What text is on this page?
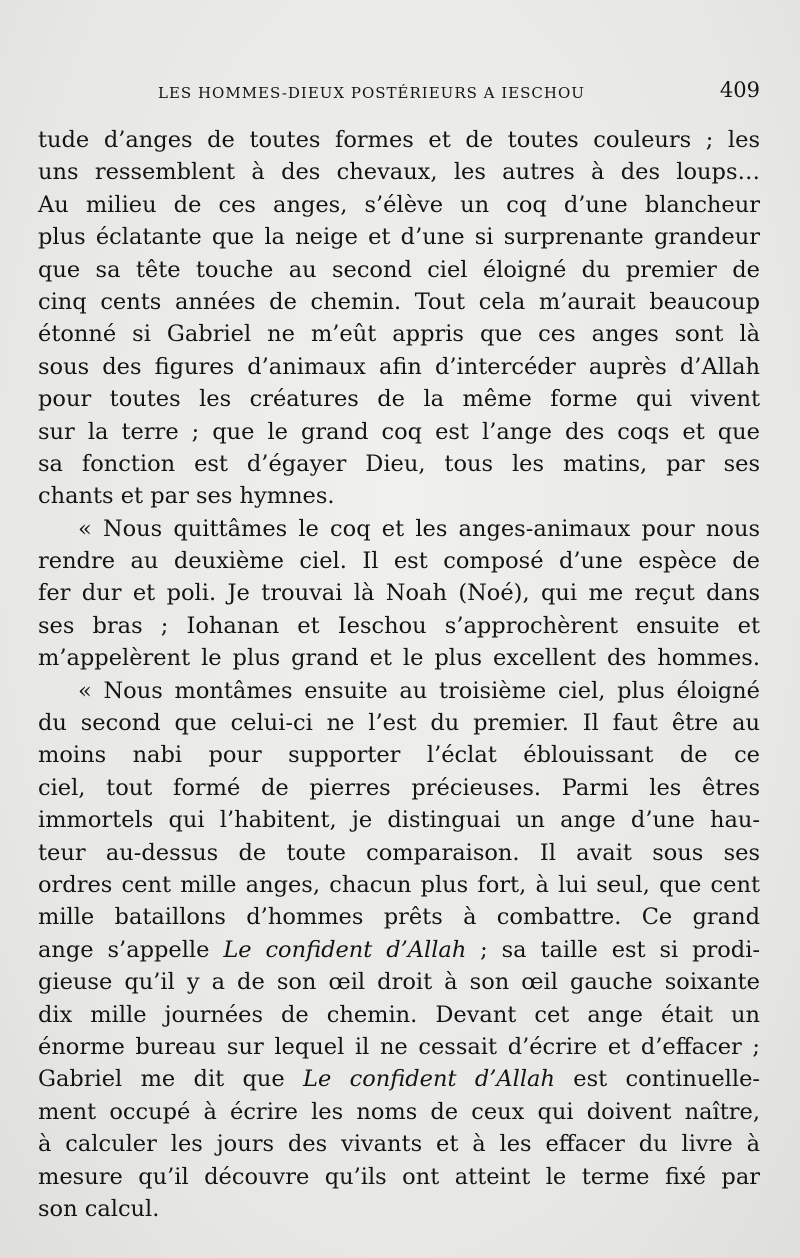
LES HOMMES-DIEUX POSTÉRIEURS A IESCHOU	409
tude d’anges de toutes formes et de toutes couleurs ; les
uns ressemblent à des chevaux, les autres à des loups…
Au milieu de ces anges, s’élève un coq d’une blancheur
plus éclatante que la neige et d’une si surprenante grandeur
que sa tête touche au second ciel éloigné du premier de
cinq cents années de chemin. Tout cela m’aurait beaucoup
étonné si Gabriel ne m’eût appris que ces anges sont là
sous des figures d’animaux afin d’intercéder auprès d’Allah
pour toutes les créatures de la même forme qui vivent
sur la terre ; que le grand coq est l’ange des coqs et que
sa fonction est d’égayer Dieu, tous les matins, par ses
chants et par ses hymnes.
« Nous quittâmes le coq et les anges-animaux pour nous
rendre au deuxième ciel. Il est composé d’une espèce de
fer dur et poli. Je trouvai là Noah (Noé), qui me reçut dans
ses bras ; Iohanan et Ieschou s’approchèrent ensuite et
m’appelèrent le plus grand et le plus excellent des hommes.
« Nous montâmes ensuite au troisième ciel, plus éloigné
du second que celui-ci ne l’est du premier. Il faut être au
moins nabi pour supporter l’éclat éblouissant de ce
ciel, tout formé de pierres précieuses. Parmi les êtres
immortels qui l’habitent, je distinguai un ange d’une hau-
teur au-dessus de toute comparaison. Il avait sous ses
ordres cent mille anges, chacun plus fort, à lui seul, que cent
mille bataillons d’hommes prêts à combattre. Ce grand
ange s’appelle Le confident d’Allah ; sa taille est si prodi-
gieuse qu’il y a de son œil droit à son œil gauche soixante
dix mille journées de chemin. Devant cet ange était un
énorme bureau sur lequel il ne cessait d’écrire et d’effacer ;
Gabriel me dit que Le confident d’Allah est continuelle-
ment occupé à écrire les noms de ceux qui doivent naître,
à calculer les jours des vivants et à les effacer du livre à
mesure qu’il découvre qu’ils ont atteint le terme fixé par
son calcul.
